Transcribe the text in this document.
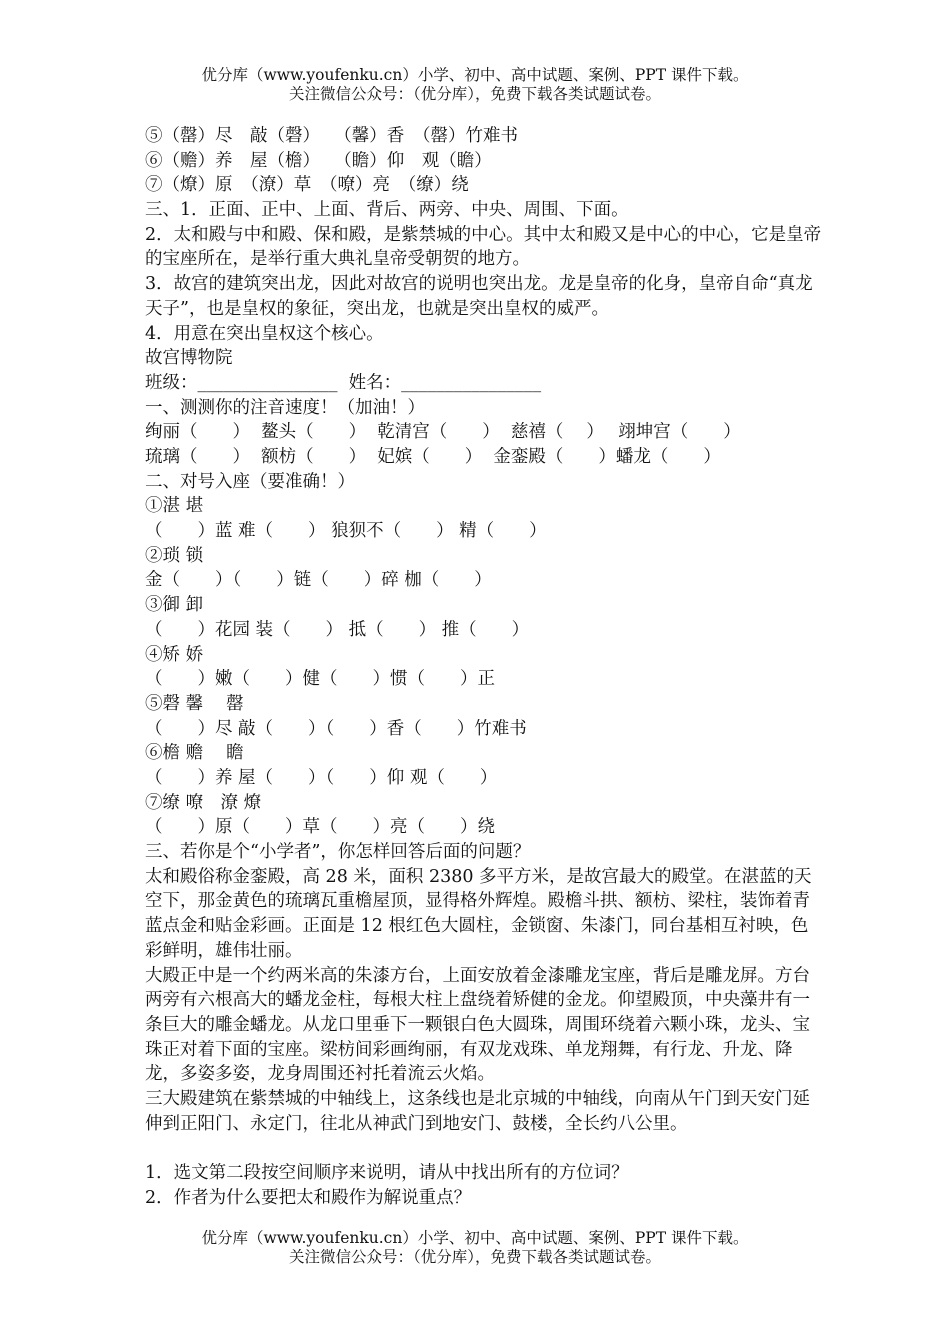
优分库（www.youfenku.cn）小学、初中、高中试题、案例、PPT 课件下载。
关注微信公众号：（优分库），免费下载各类试题试卷。
⑤（罄）尽　敲（磬）　 （馨）香　（罄）竹难书
⑥（赡）养　屋（檐）　 （瞻）仰　观（瞻）
⑦（燎）原　（潦）草　（嘹）亮　（缭）绕
三、1．正面、正中、上面、背后、两旁、中央、周围、下面。
2．太和殿与中和殿、保和殿，是紫禁城的中心。其中太和殿又是中心的中心，它是皇帝的宝座所在，是举行重大典礼皇帝受朝贺的地方。
3．故宫的建筑突出龙，因此对故宫的说明也突出龙。龙是皇帝的化身，皇帝自命“真龙天子”，也是皇权的象征，突出龙，也就是突出皇权的威严。
4．用意在突出皇权这个核心。
故宫博物院
班级：________________  姓名：________________
一、测测你的注音速度！（加油！）
绚丽（　　）  鳌头（　　）  乾清宫（　　）  慈禧（　 ）　 翊坤宫（　　）
琉璃（　　）  额枋（　　）  妃嫔（　　）  金銮殿（　　）蟠龙（　　）
二、对号入座（要准确！）
①湛 堪
（　　）蓝 难（　　） 狼狈不（　　） 精（　　）
②琐 锁
金（　　）（　　）链（　　）碎 枷（　　）
③御 卸
（　　）花园 装（　　） 抵（　　） 推（　　）
④矫 娇
（　　）嫩（　　）健（　　）惯（　　）正
⑤磬 馨　 罄
（　　）尽 敲（　　）（　　）香（　　）竹难书
⑥檐 赡　 瞻
（　　）养 屋（　　）（　　）仰 观（　　）
⑦缭 嘹　潦 燎
（　　）原（　　）草（　　）亮（　　）绕
三、若你是个“小学者”，你怎样回答后面的问题？
太和殿俗称金銮殿，高 28 米，面积 2380 多平方米，是故宫最大的殿堂。在湛蓝的天空下，那金黄色的琉璃瓦重檐屋顶，显得格外辉煌。殿檐斗拱、额枋、梁柱，装饰着青蓝点金和贴金彩画。正面是 12 根红色大圆柱，金锁窗、朱漆门，同台基相互衬映，色彩鲜明，雄伟壮丽。
大殿正中是一个约两米高的朱漆方台，上面安放着金漆雕龙宝座，背后是雕龙屏。方台两旁有六根高大的蟠龙金柱，每根大柱上盘绕着矫健的金龙。仰望殿顶，中央藻井有一条巨大的雕金蟠龙。从龙口里垂下一颗银白色大圆珠，周围环绕着六颗小珠，龙头、宝珠正对着下面的宝座。梁枋间彩画绚丽，有双龙戏珠、单龙翔舞，有行龙、升龙、降龙，多姿多姿，龙身周围还衬托着流云火焰。
三大殿建筑在紫禁城的中轴线上，这条线也是北京城的中轴线，向南从午门到天安门延伸到正阳门、永定门，往北从神武门到地安门、鼓楼，全长约八公里。
1．选文第二段按空间顺序来说明，请从中找出所有的方位词？
2．作者为什么要把太和殿作为解说重点？
优分库（www.youfenku.cn）小学、初中、高中试题、案例、PPT 课件下载。
关注微信公众号：（优分库），免费下载各类试题试卷。
